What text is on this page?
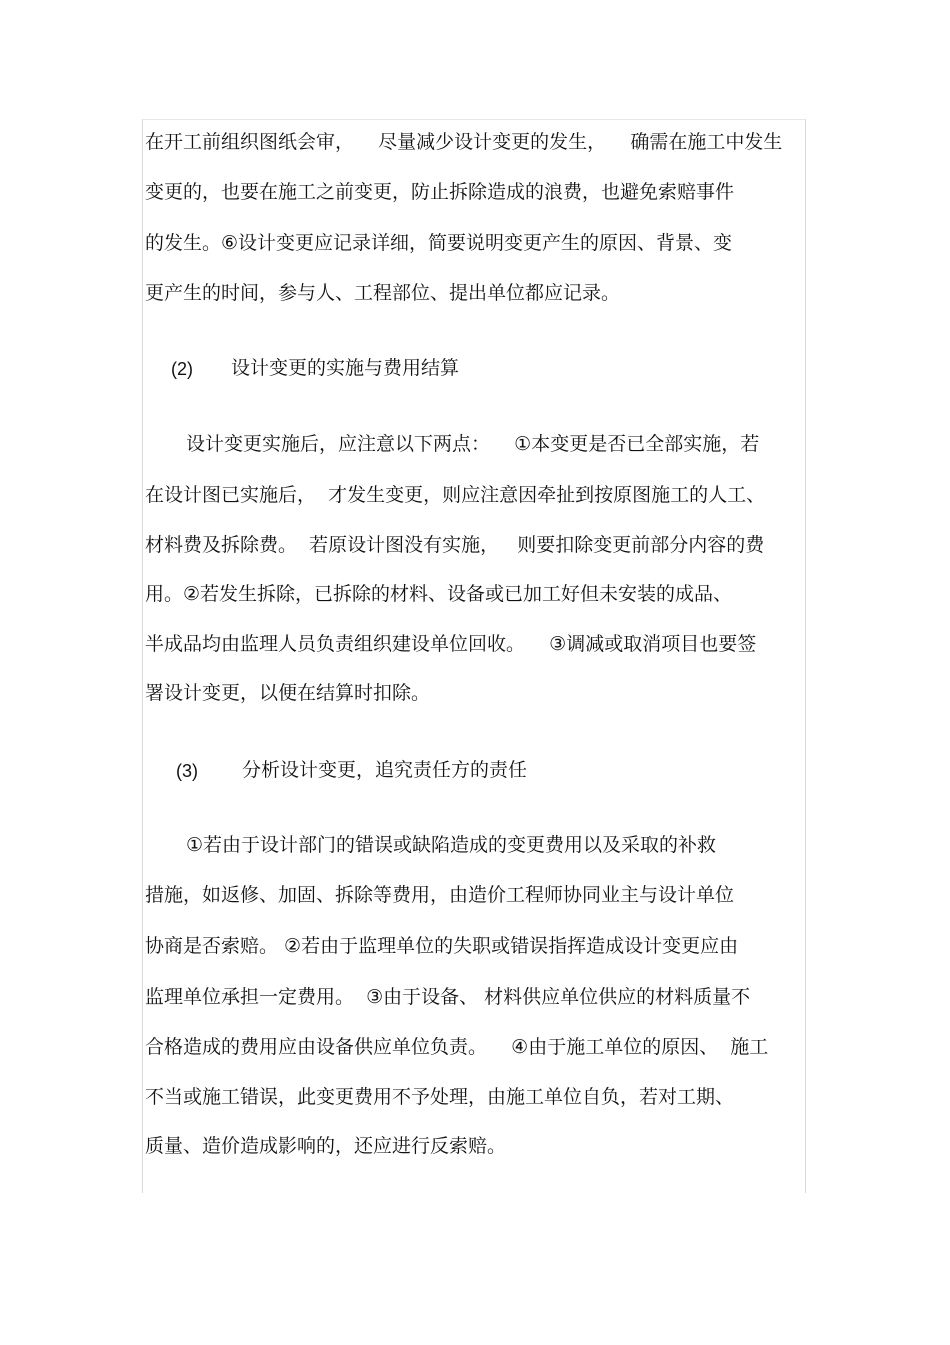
在开工前组织图纸会审，    尽量减少设计变更的发生，    确需在施工中发生
变更的，也要在施工之前变更，防止拆除造成的浪费，也避免索赔事件
的发生。⑥设计变更应记录详细，简要说明变更产生的原因、背景、变
更产生的时间，参与人、工程部位、提出单位都应记录。
(2) 设计变更的实施与费用结算
设计变更实施后，应注意以下两点：    ①本变更是否已全部实施，若
在设计图已实施后，  才发生变更，则应注意因牵扯到按原图施工的人工、
材料费及拆除费。  若原设计图没有实施，   则要扣除变更前部分内容的费
用。②若发生拆除，已拆除的材料、设备或已加工好但未安装的成品、
半成品均由监理人员负责组织建设单位回收。    ③调减或取消项目也要签
署设计变更，以便在结算时扣除。
(3) 分析设计变更，追究责任方的责任
①若由于设计部门的错误或缺陷造成的变更费用以及采取的补救
措施，如返修、加固、拆除等费用，由造价工程师协同业主与设计单位
协商是否索赔。 ②若由于监理单位的失职或错误指挥造成设计变更应由
监理单位承担一定费用。  ③由于设备、 材料供应单位供应的材料质量不
合格造成的费用应由设备供应单位负责。    ④由于施工单位的原因、  施工
不当或施工错误，此变更费用不予处理，由施工单位自负，若对工期、
质量、造价造成影响的，还应进行反索赔。
